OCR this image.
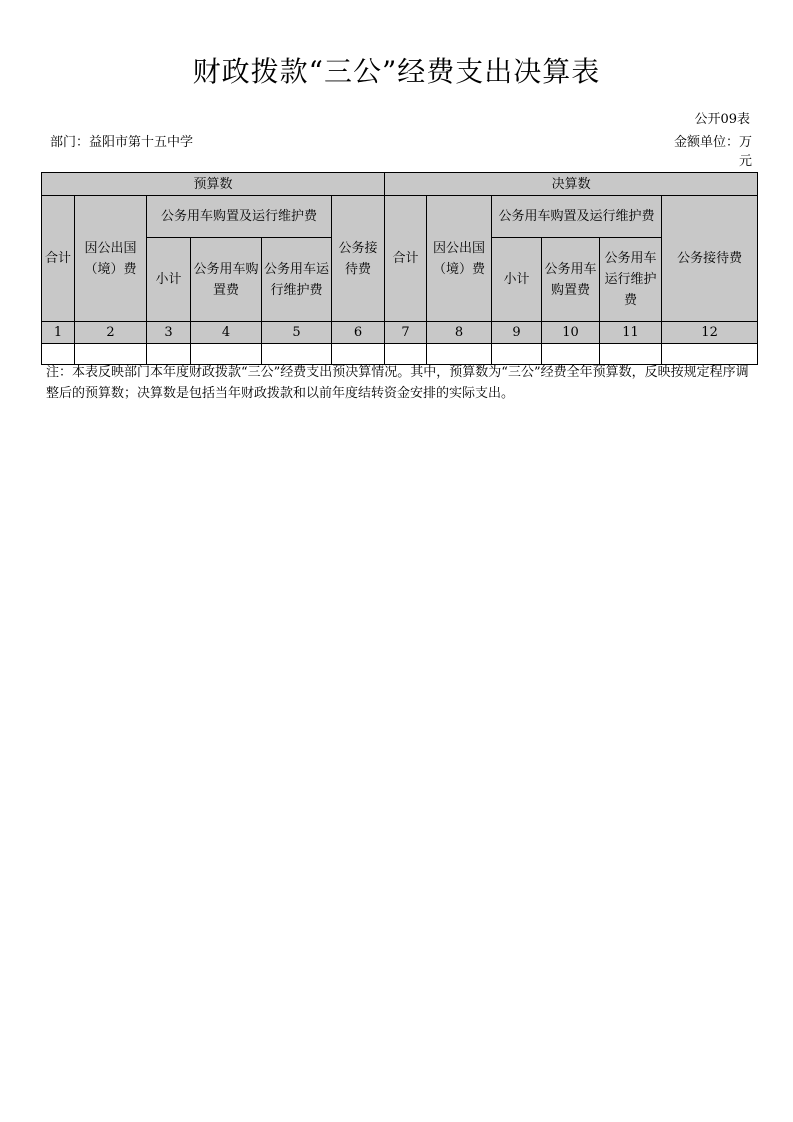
财政拨款“三公”经费支出决算表
公开09表
部门：益阳市第十五中学	金额单位：万元
预算数						决算数					
合计	因公出国（境）费	公务用车购置及运行维护费			公务接待费	合计	因公出国（境）费	公务用车购置及运行维护费			公务接待费
		小计	公务用车购置费	公务用车运行维护费				小计	公务用车购置费	公务用车运行维护费	
1	2	3	4	5	6	7	8	9	10	11	12

注：本表反映部门本年度财政拨款“三公”经费支出预决算情况。其中，预算数为“三公”经费全年预算数，反映按规定程序调整后的预算数；决算数是包括当年财政拨款和以前年度结转资金安排的实际支出。
